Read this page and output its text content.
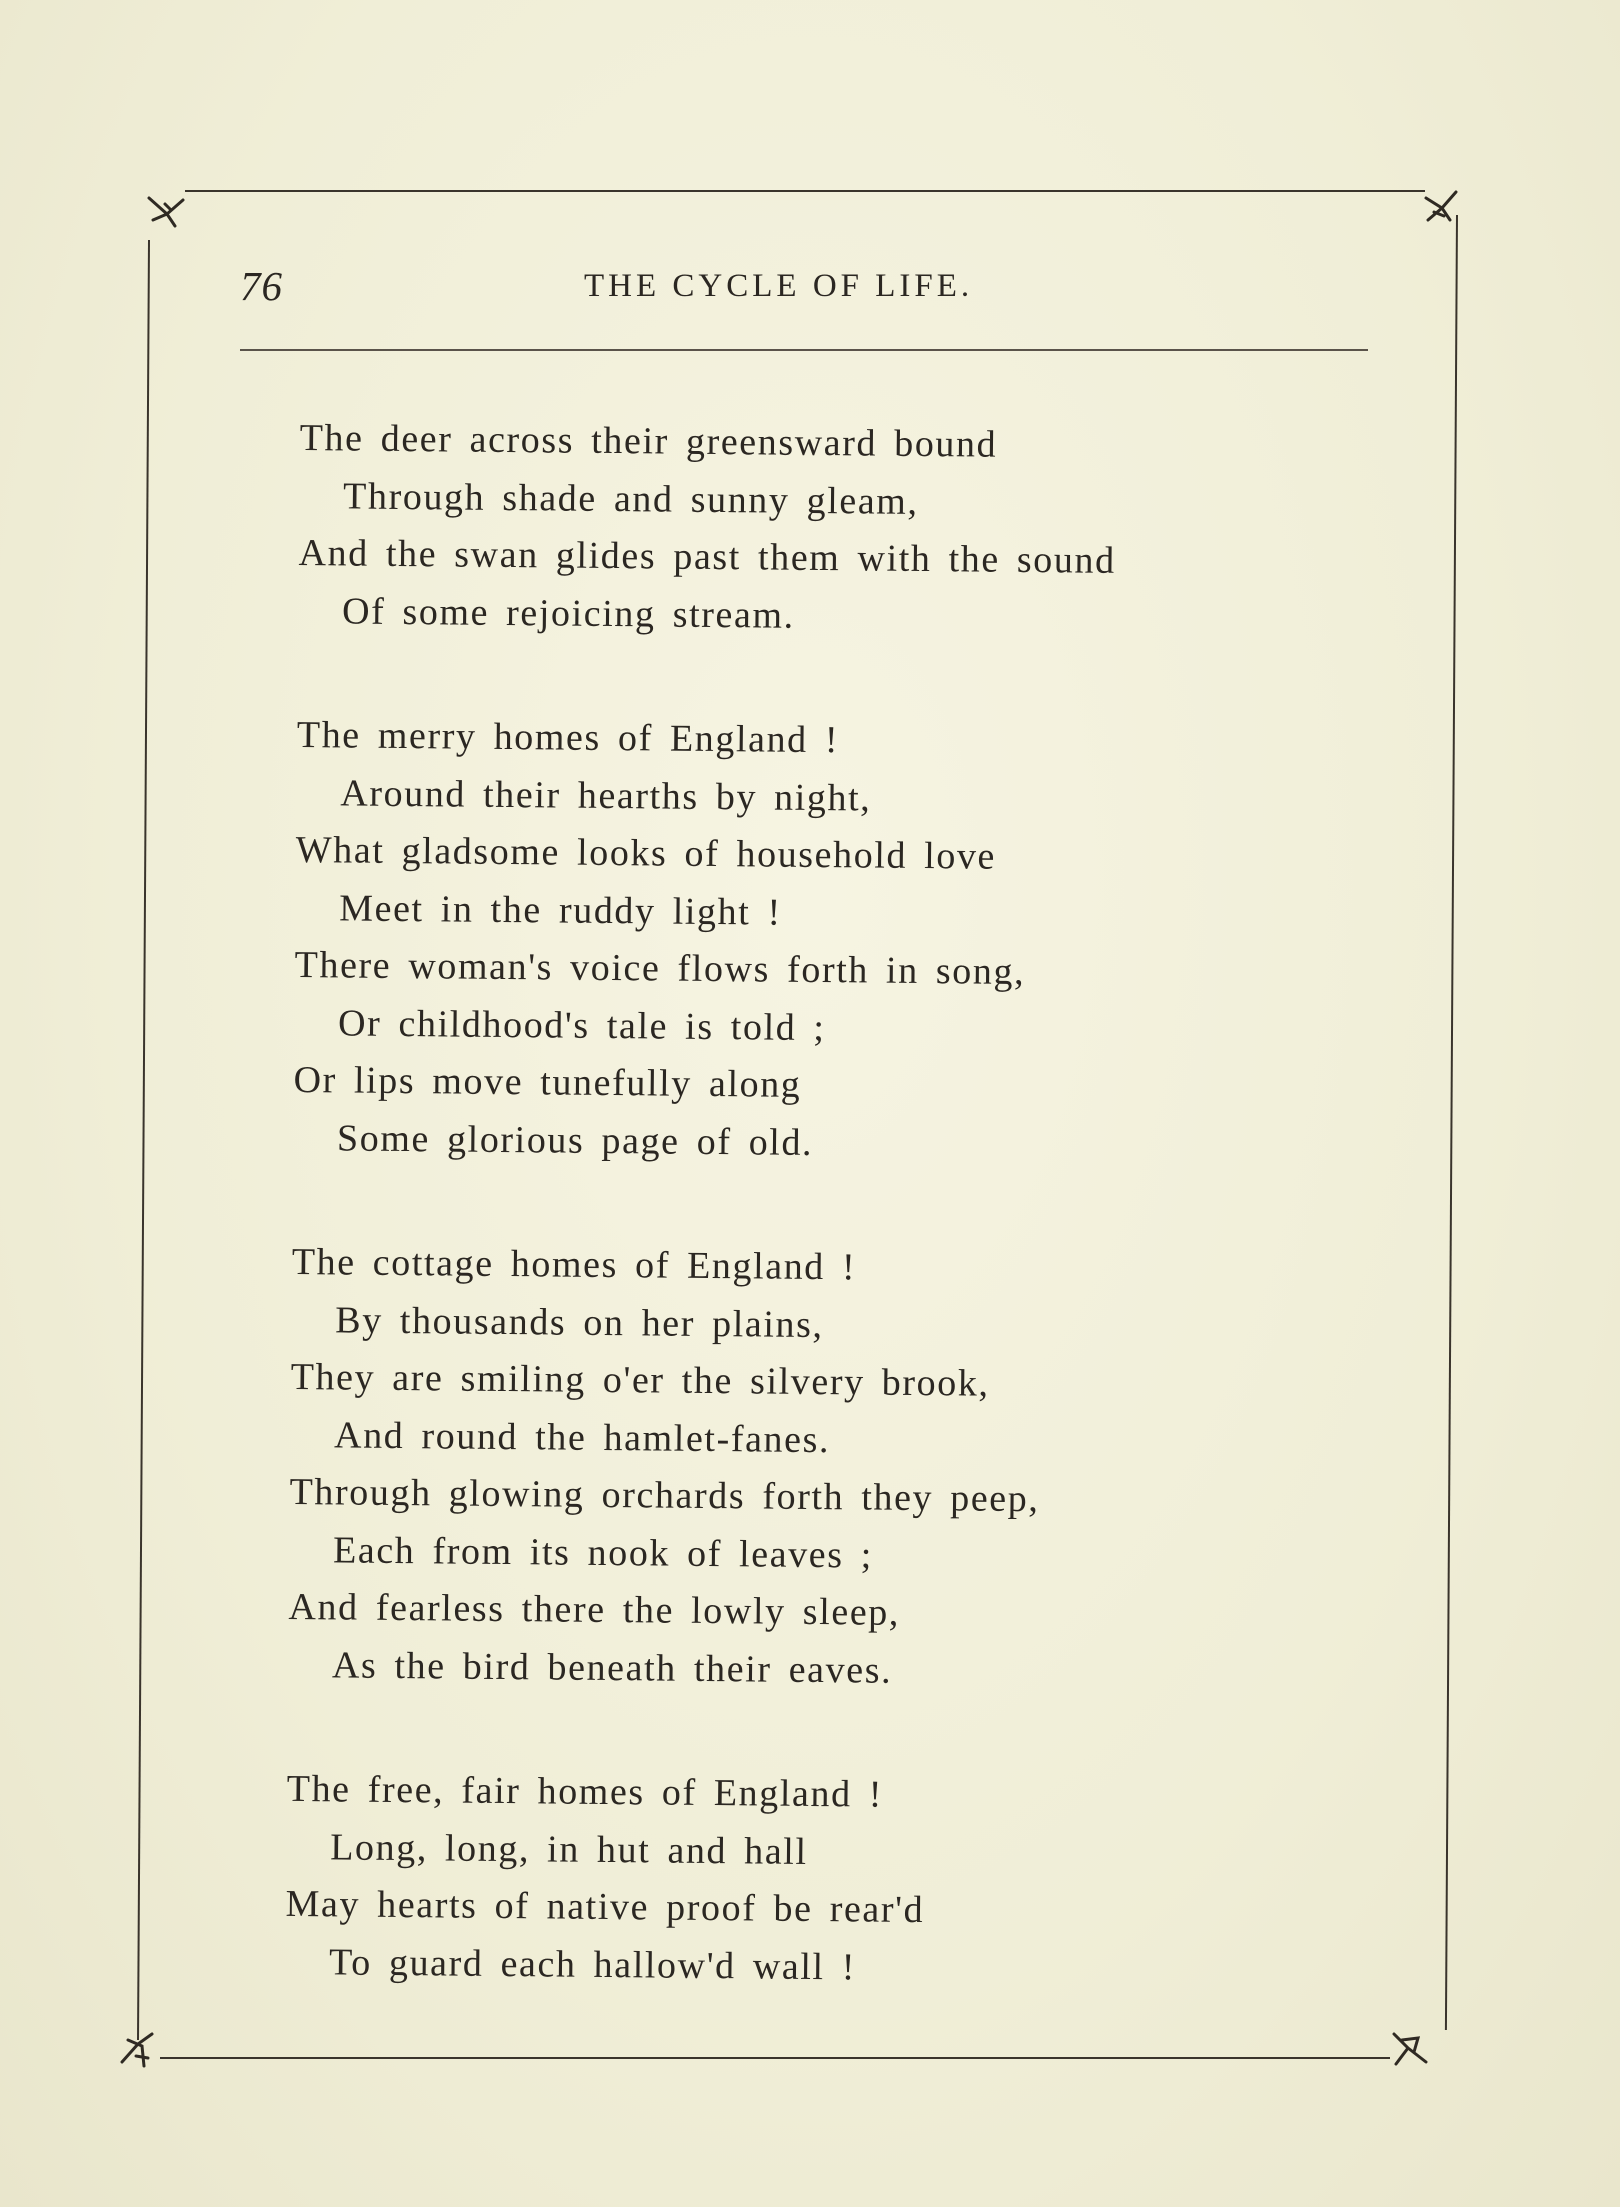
76	THE CYCLE OF LIFE.
The deer across their greensward bound
Through shade and sunny gleam,
And the swan glides past them with the sound
Of some rejoicing stream.
The merry homes of England !
Around their hearths by night,
What gladsome looks of household love
Meet in the ruddy light !
There woman's voice flows forth in song,
Or childhood's tale is told ;
Or lips move tunefully along
Some glorious page of old.
The cottage homes of England !
By thousands on her plains,
They are smiling o'er the silvery brook,
And round the hamlet-fanes.
Through glowing orchards forth they peep,
Each from its nook of leaves ;
And fearless there the lowly sleep,
As the bird beneath their eaves.
The free, fair homes of England !
Long, long, in hut and hall
May hearts of native proof be rear'd
To guard each hallow'd wall !
